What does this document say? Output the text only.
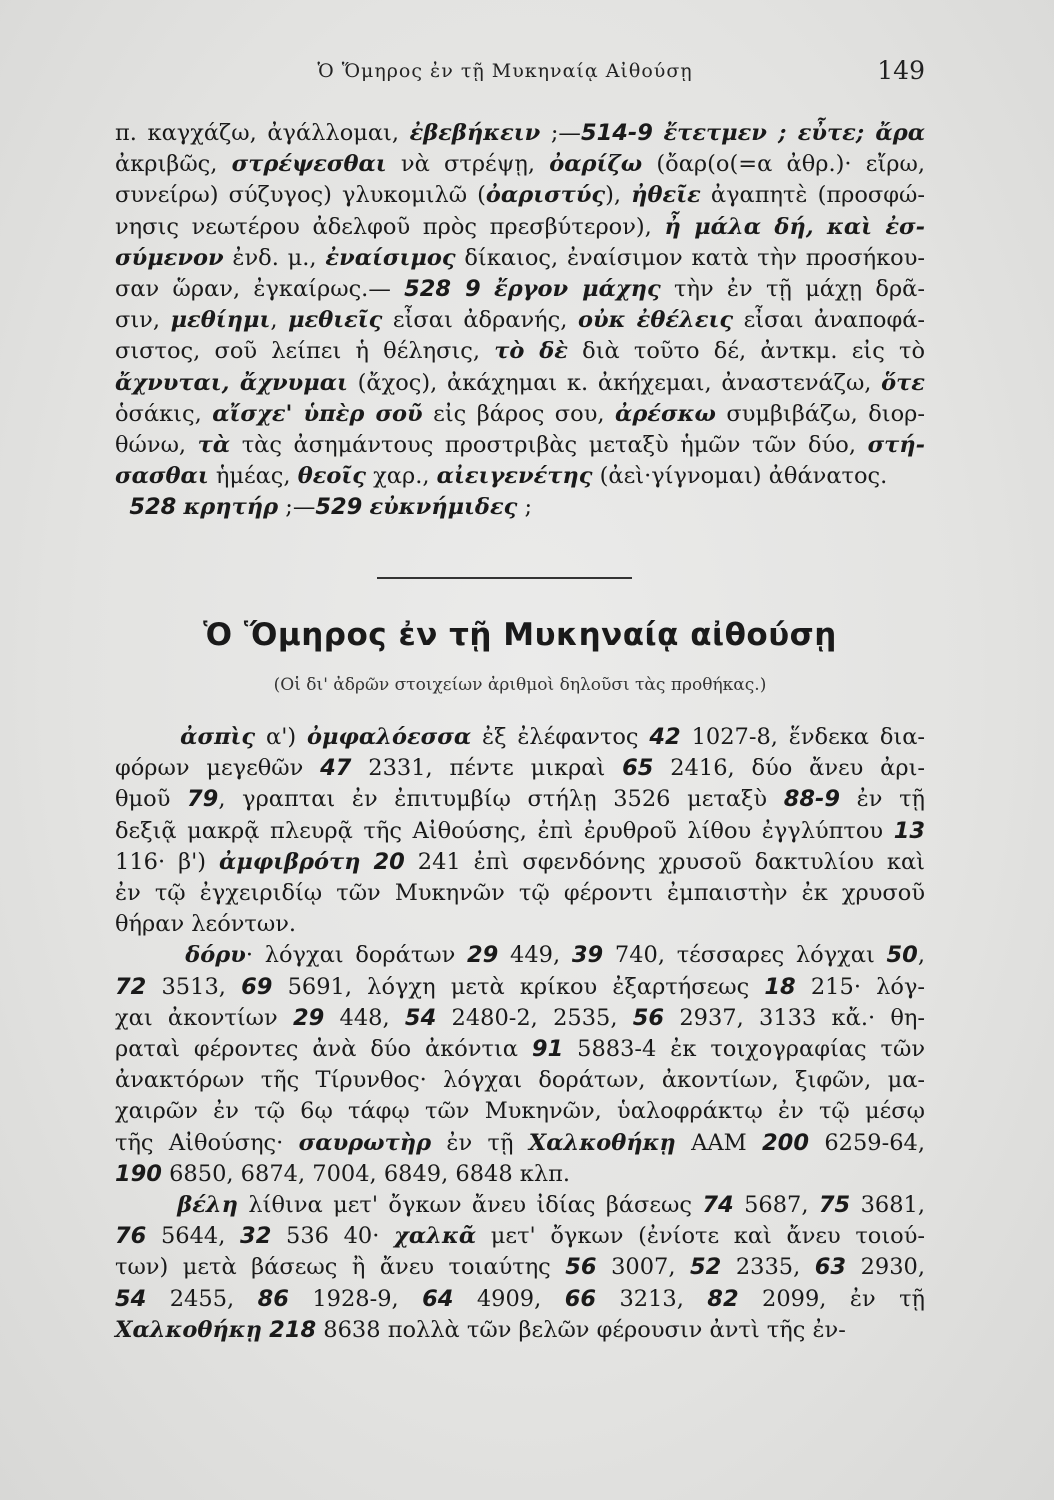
Ὁ Ὅμηρος ἐν τῇ Μυκηναίᾳ Αἰθούσῃ	149
π. καγχάζω, ἀγάλλομαι, ἐβεβήκειν ;—514-9 ἔτετμεν ; εὖτε; ἄρα
ἀκριβῶς, στρέψεσθαι νὰ στρέψῃ, ὀαρίζω (ὄαρ(ο(=α ἀθρ.)· εἴρω,
συνείρω) σύζυγος) γλυκομιλῶ (ὀαριστύς), ἠθεῖε ἀγαπητὲ (προσφώ-
νησις νεωτέρου ἀδελφοῦ πρὸς πρεσβύτερον), ἦ μάλα δή, καὶ ἐσ-
σύμενον ἐνδ. μ., ἐναίσιμος δίκαιος, ἐναίσιμον κατὰ τὴν προσήκου-
σαν ὥραν, ἐγκαίρως.— 528 9 ἔργον μάχης τὴν ἐν τῇ μάχῃ δρᾶ-
σιν, μεθίημι, μεθιεῖς εἶσαι ἀδρανής, οὐκ ἐθέλεις εἶσαι ἀναποφά-
σιστος, σοῦ λείπει ἡ θέλησις, τὸ δὲ διὰ τοῦτο δέ, ἀντκμ. εἰς τὸ
ἄχνυται, ἄχνυμαι (ἄχος), ἀκάχημαι κ. ἀκήχεμαι, ἀναστενάζω, ὅτε
ὁσάκις, αἴσχε' ὑπὲρ σοῦ εἰς βάρος σου, ἀρέσκω συμβιβάζω, διορ-
θώνω, τὰ τὰς ἀσημάντους προστριβὰς μεταξὺ ἡμῶν τῶν δύο, στή-
σασθαι ἡμέας, θεοῖς χαρ., αἰειγενέτης (ἀεὶ·γίγνομαι) ἀθάνατος.
528 κρητήρ ;—529 εὐκνήμιδες ;
Ὁ Ὅμηρος ἐν τῇ Μυκηναίᾳ αἰθούσῃ
(Οἱ δι' ἀδρῶν στοιχείων ἀριθμοὶ δηλοῦσι τὰς προθήκας.)
ἀσπὶς α') ὀμφαλόεσσα ἐξ ἐλέφαντος 42 1027-8, ἕνδεκα δια-
φόρων μεγεθῶν 47 2331, πέντε μικραὶ 65 2416, δύο ἄνευ ἀρι-
θμοῦ 79, γραπται ἐν ἐπιτυμβίῳ στήλῃ 3526 μεταξὺ 88-9 ἐν τῇ
δεξιᾷ μακρᾷ πλευρᾷ τῆς Αἰθούσης, ἐπὶ ἐρυθροῦ λίθου ἐγγλύπτου 13
116· β') ἀμφιβρότη 20 241 ἐπὶ σφενδόνης χρυσοῦ δακτυλίου καὶ
ἐν τῷ ἐγχειριδίῳ τῶν Μυκηνῶν τῷ φέροντι ἐμπαιστὴν ἐκ χρυσοῦ
θήραν λεόντων.
δόρυ· λόγχαι δοράτων 29 449, 39 740, τέσσαρες λόγχαι 50,
72 3513, 69 5691, λόγχη μετὰ κρίκου ἐξαρτήσεως 18 215· λόγ-
χαι ἀκοντίων 29 448, 54 2480-2, 2535, 56 2937, 3133 κἄ.· θη-
ραταὶ φέροντες ἀνὰ δύο ἀκόντια 91 5883-4 ἐκ τοιχογραφίας τῶν
ἀνακτόρων τῆς Τίρυνθος· λόγχαι δοράτων, ἀκοντίων, ξιφῶν, μα-
χαιρῶν ἐν τῷ 6ῳ τάφῳ τῶν Μυκηνῶν, ὑαλοφράκτῳ ἐν τῷ μέσῳ
τῆς Αἰθούσης· σαυρωτὴρ ἐν τῇ Χαλκοθήκῃ ΑΑΜ 200 6259-64,
190 6850, 6874, 7004, 6849, 6848 κλπ.
βέλη λίθινα μετ' ὄγκων ἄνευ ἰδίας βάσεως 74 5687, 75 3681,
76 5644, 32 536 40· χαλκᾶ μετ' ὄγκων (ἐνίοτε καὶ ἄνευ τοιού-
των) μετὰ βάσεως ἢ ἄνευ τοιαύτης 56 3007, 52 2335, 63 2930,
54 2455, 86 1928-9, 64 4909, 66 3213, 82 2099, ἐν τῇ
Χαλκοθήκῃ 218 8638 πολλὰ τῶν βελῶν φέρουσιν ἀντὶ τῆς ἐν-
